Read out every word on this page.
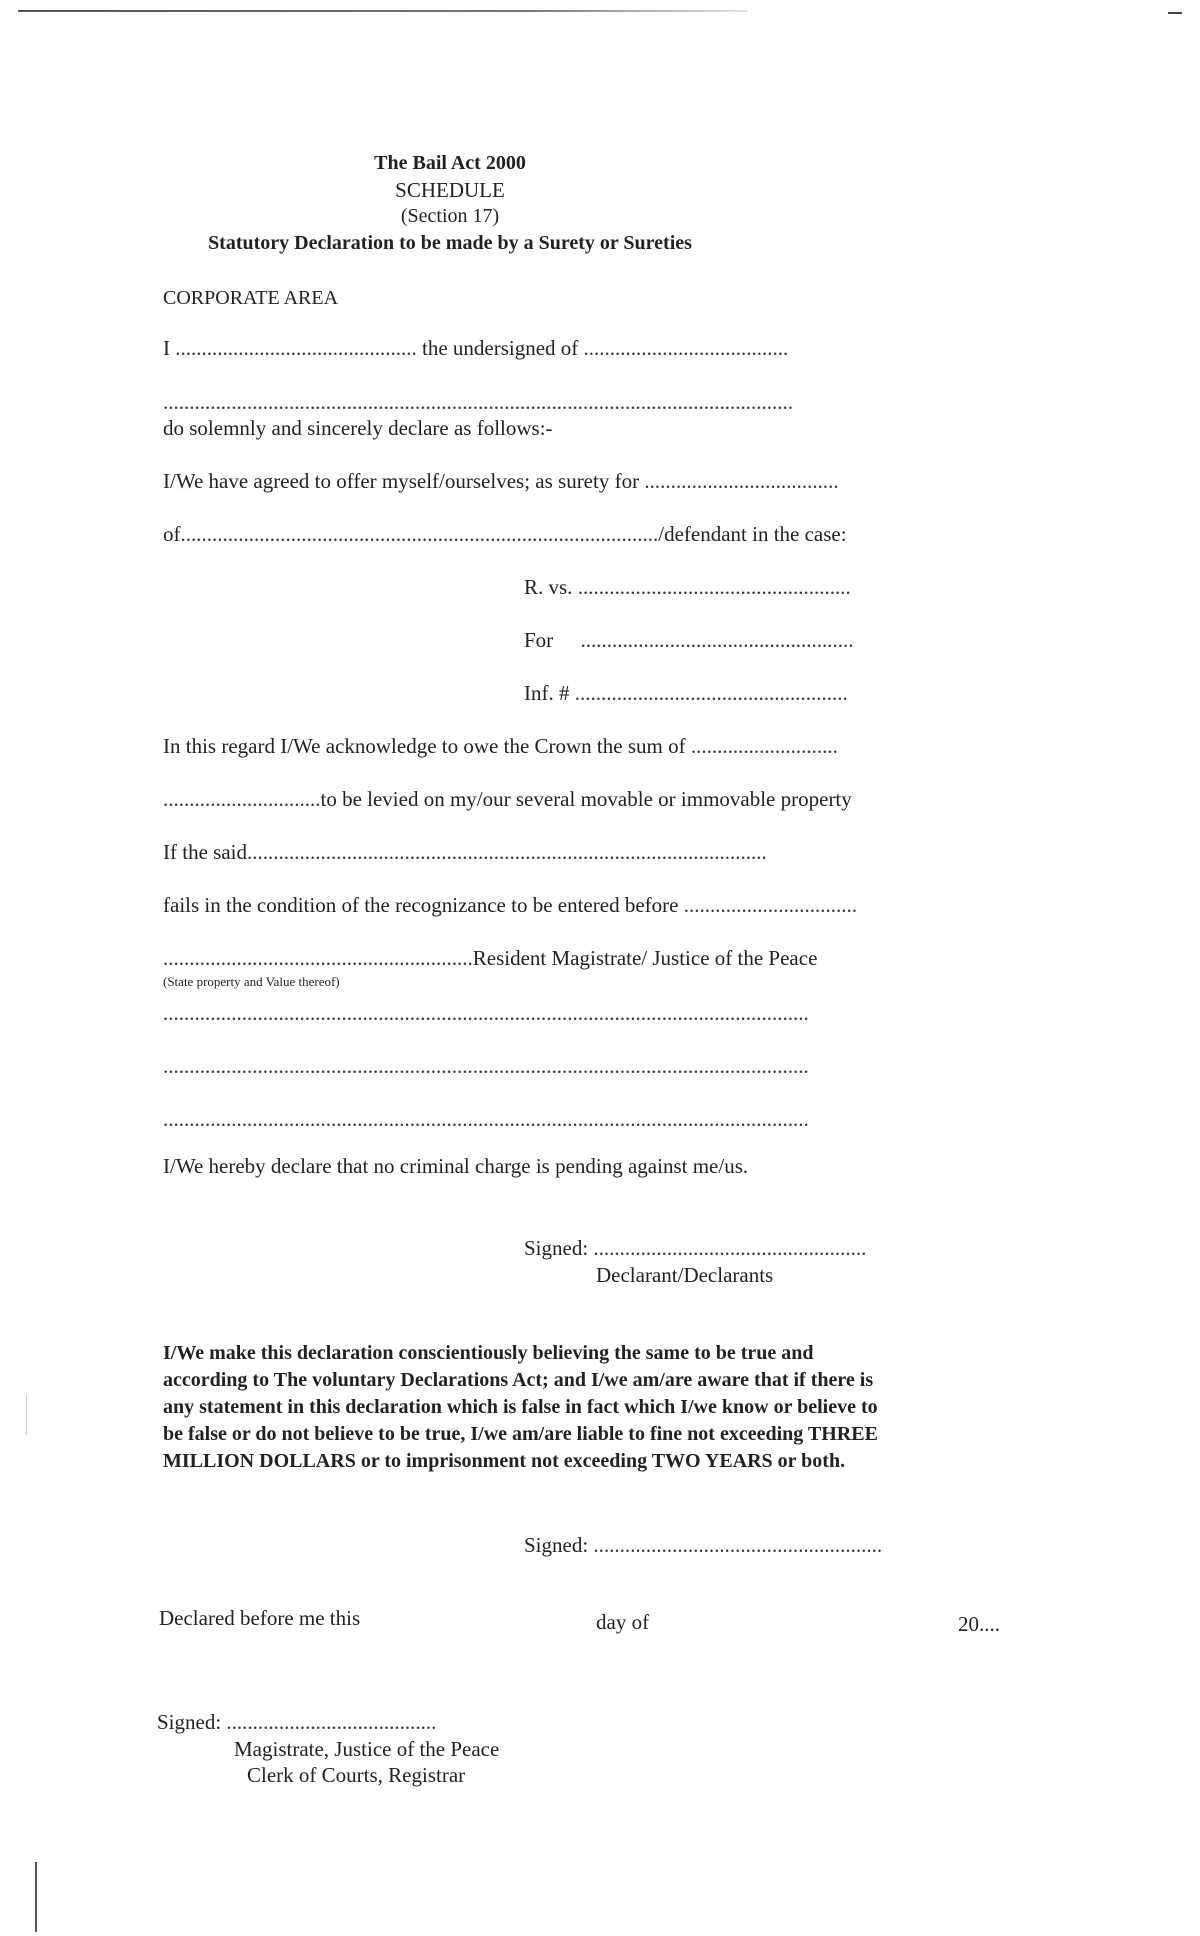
The Bail Act 2000
SCHEDULE
(Section 17)
Statutory Declaration to be made by a Surety or Sureties
CORPORATE AREA
I .............................................. the undersigned of .......................................
........................................................................................................................
do solemnly and sincerely declare as follows:-
I/We have agreed to offer myself/ourselves; as surety for .....................................
of.........................................................................................../defendant in the case:
R. vs. ....................................................
For ....................................................
Inf. # ....................................................
In this regard I/We acknowledge to owe the Crown the sum of ............................
..............................to be levied on my/our several movable or immovable property
If the said...................................................................................................
fails in the condition of the recognizance to be entered before .................................
...........................................................Resident Magistrate/ Justice of the Peace
(State property and Value thereof)
...........................................................................................................................
...........................................................................................................................
...........................................................................................................................
I/We hereby declare that no criminal charge is pending against me/us.
Signed: ....................................................
Declarant/Declarants
I/We make this declaration conscientiously believing the same to be true and
according to The voluntary Declarations Act; and I/we am/are aware that if there is
any statement in this declaration which is false in fact which I/we know or believe to
be false or do not believe to be true, I/we am/are liable to fine not exceeding THREE
MILLION DOLLARS or to imprisonment not exceeding TWO YEARS or both.
Signed: .......................................................
Declared before me this	day of	20....
Signed: ........................................
Magistrate, Justice of the Peace
Clerk of Courts, Registrar
